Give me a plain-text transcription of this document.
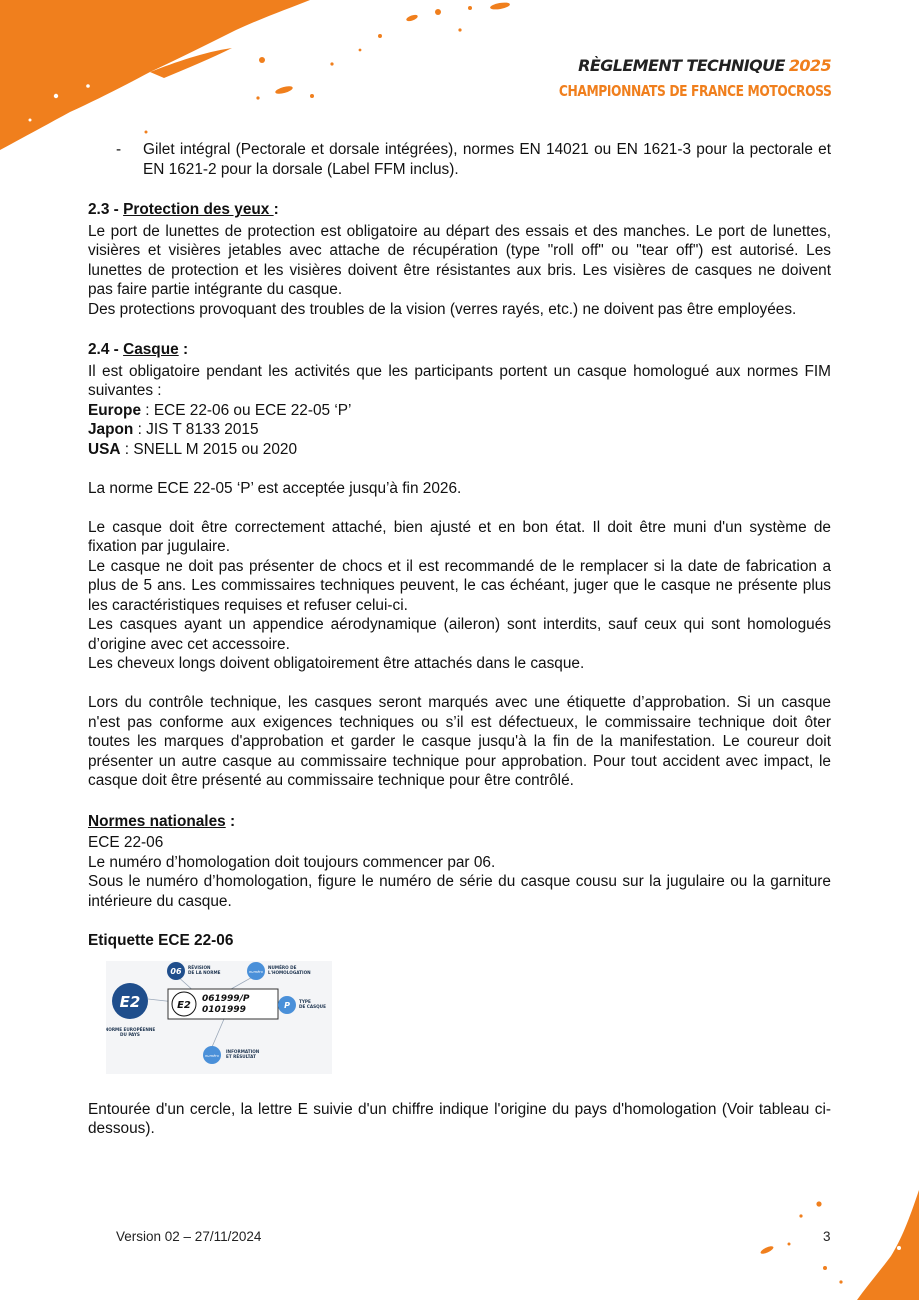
RÈGLEMENT TECHNIQUE 2025
CHAMPIONNATS DE FRANCE MOTOCROSS
- Gilet intégral (Pectorale et dorsale intégrées), normes EN 14021 ou EN 1621-3 pour la pectorale et EN 1621-2 pour la dorsale (Label FFM inclus).
2.3 - Protection des yeux :

Le port de lunettes de protection est obligatoire au départ des essais et des manches. Le port de lunettes, visières et visières jetables avec attache de récupération (type "roll off" ou "tear off") est autorisé. Les lunettes de protection et les visières doivent être résistantes aux bris. Les visières de casques ne doivent pas faire partie intégrante du casque.

Des protections provoquant des troubles de la vision (verres rayés, etc.) ne doivent pas être employées.

2.4 - Casque :

Il est obligatoire pendant les activités que les participants portent un casque homologué aux normes FIM suivantes :

Europe : ECE 22-06 ou ECE 22-05 ‘P’

Japon : JIS T 8133 2015

USA : SNELL M 2015 ou 2020

La norme ECE 22-05 ‘P’ est acceptée jusqu’à fin 2026.

Le casque doit être correctement attaché, bien ajusté et en bon état. Il doit être muni d'un système de fixation par jugulaire.

Le casque ne doit pas présenter de chocs et il est recommandé de le remplacer si la date de fabrication a plus de 5 ans. Les commissaires techniques peuvent, le cas échéant, juger que le casque ne présente plus les caractéristiques requises et refuser celui-ci.

Les casques ayant un appendice aérodynamique (aileron) sont interdits, sauf ceux qui sont homologués d’origine avec cet accessoire.

Les cheveux longs doivent obligatoirement être attachés dans le casque.

Lors du contrôle technique, les casques seront marqués avec une étiquette d’approbation. Si un casque n'est pas conforme aux exigences techniques ou s’il est défectueux, le commissaire technique doit ôter toutes les marques d'approbation et garder le casque jusqu'à la fin de la manifestation. Le coureur doit présenter un autre casque au commissaire technique pour approbation. Pour tout accident avec impact, le casque doit être présenté au commissaire technique pour être contrôlé.

Normes nationales :

ECE 22-06

Le numéro d’homologation doit toujours commencer par 06.

Sous le numéro d’homologation, figure le numéro de série du casque cousu sur la jugulaire ou la garniture intérieure du casque.

Etiquette ECE 22-06
E2
061999/P
0101999
E2
NORME EUROPÉENNE
DU PAYS
06 RÉVISION
DE LA NORME	numéro
NUMÉRO DE
L'HOMOLOGATION
P TYPE
DE CASQUE
numéro
INFORMATION
ET RÉSULTAT

Entourée d'un cercle, la lettre E suivie d'un chiffre indique l'origine du pays d'homologation (Voir tableau ci-dessous).

Version 02 – 27/11/2024	3
